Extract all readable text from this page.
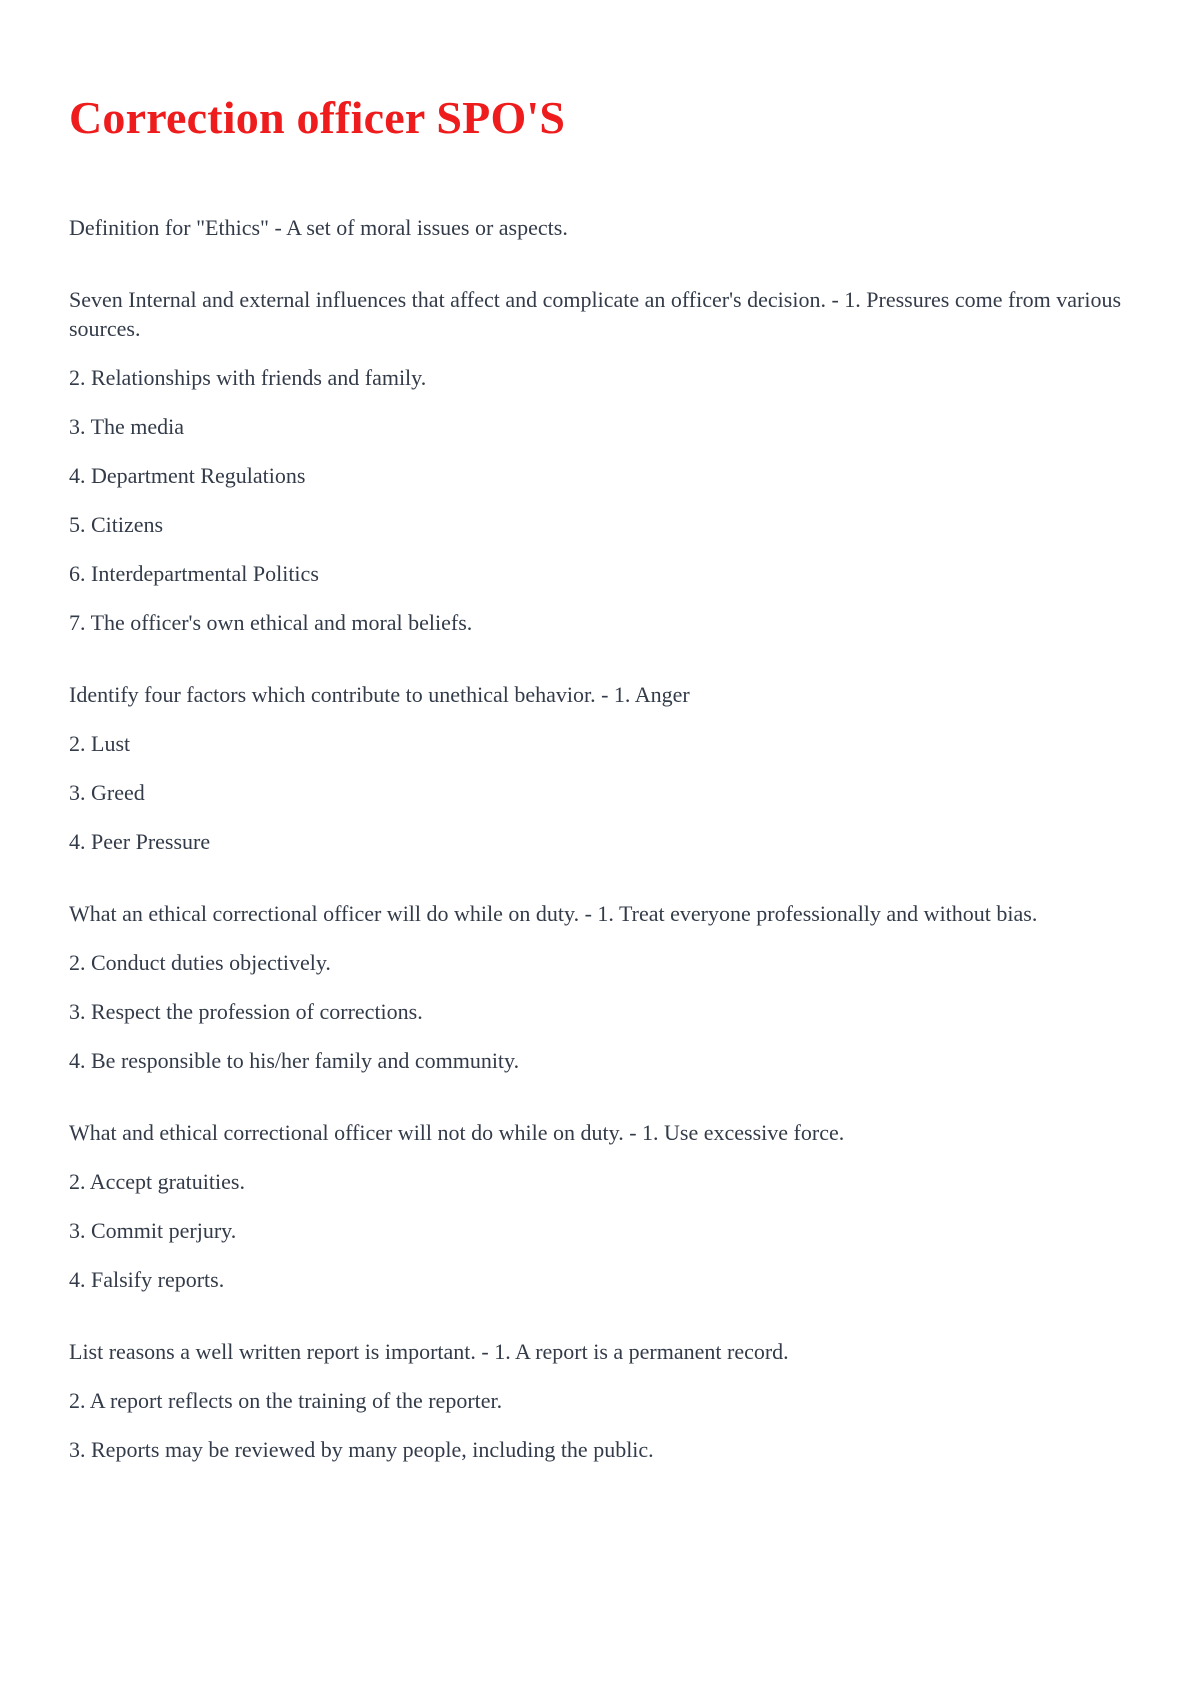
Correction officer SPO'S

Definition for "Ethics" - A set of moral issues or aspects.

Seven Internal and external influences that affect and complicate an officer's decision. - 1. Pressures come from various sources.

2. Relationships with friends and family.

3. The media

4. Department Regulations

5. Citizens

6. Interdepartmental Politics

7. The officer's own ethical and moral beliefs.

Identify four factors which contribute to unethical behavior. - 1. Anger

2. Lust

3. Greed

4. Peer Pressure

What an ethical correctional officer will do while on duty. - 1. Treat everyone professionally and without bias.

2. Conduct duties objectively.

3. Respect the profession of corrections.

4. Be responsible to his/her family and community.

What and ethical correctional officer will not do while on duty. - 1. Use excessive force.

2. Accept gratuities.

3. Commit perjury.

4. Falsify reports.

List reasons a well written report is important. - 1. A report is a permanent record.

2. A report reflects on the training of the reporter.

3. Reports may be reviewed by many people, including the public.
